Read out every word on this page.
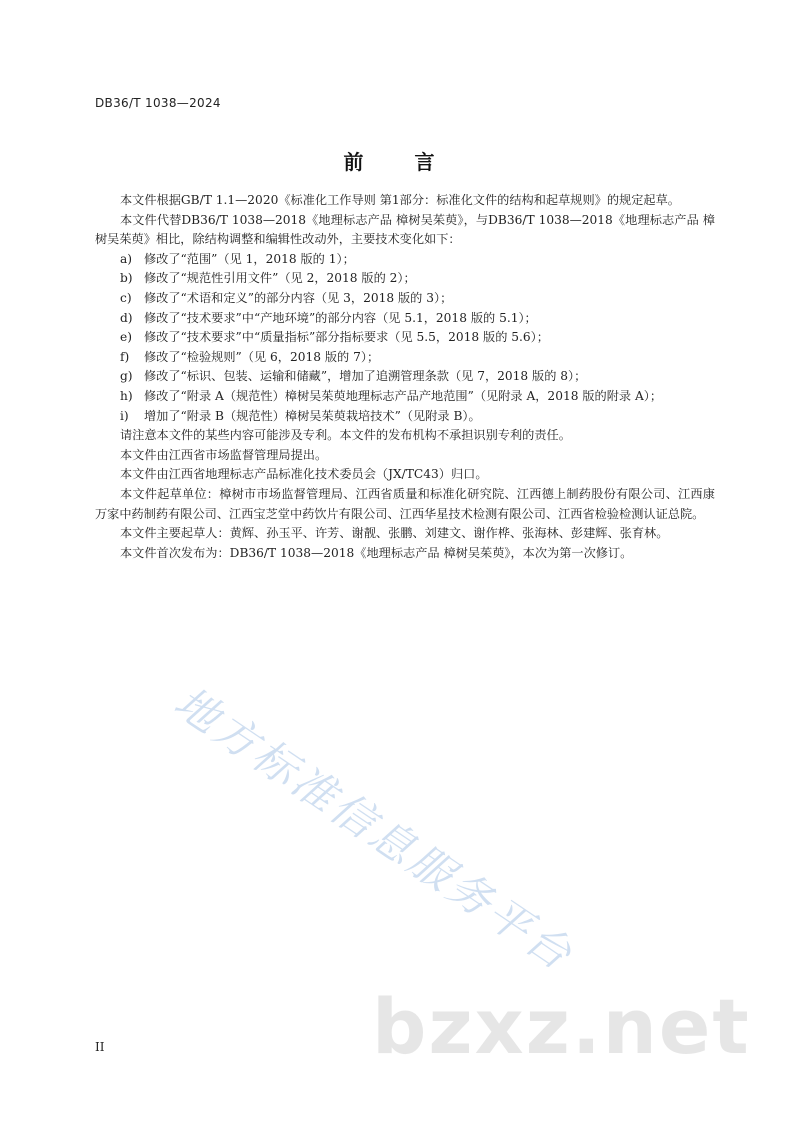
DB36/T 1038—2024
前 言

本文件根据GB/T 1.1—2020《标准化工作导则 第1部分：标准化文件的结构和起草规则》的规定起草。

本文件代替DB36/T 1038—2018《地理标志产品 樟树吴茱萸》，与DB36/T 1038—2018《地理标志产品 樟树吴茱萸》相比，除结构调整和编辑性改动外，主要技术变化如下：

a) 修改了“范围”（见 1，2018 版的 1）；

b) 修改了“规范性引用文件”（见 2，2018 版的 2）；

c) 修改了“术语和定义”的部分内容（见 3，2018 版的 3）；

d) 修改了“技术要求”中“产地环境”的部分内容（见 5.1，2018 版的 5.1）；

e) 修改了“技术要求”中“质量指标”部分指标要求（见 5.5，2018 版的 5.6）；

f) 修改了“检验规则”（见 6，2018 版的 7）；

g) 修改了“标识、包装、运输和储藏”，增加了追溯管理条款（见 7，2018 版的 8）；

h) 修改了“附录 A（规范性）樟树吴茱萸地理标志产品产地范围”（见附录 A，2018 版的附录 A）；

i) 增加了“附录 B（规范性）樟树吴茱萸栽培技术”（见附录 B）。

请注意本文件的某些内容可能涉及专利。本文件的发布机构不承担识别专利的责任。

本文件由江西省市场监督管理局提出。

本文件由江西省地理标志产品标准化技术委员会（JX/TC43）归口。

本文件起草单位：樟树市市场监督管理局、江西省质量和标准化研究院、江西德上制药股份有限公司、江西康万家中药制药有限公司、江西宝芝堂中药饮片有限公司、江西华星技术检测有限公司、江西省检验检测认证总院。

本文件主要起草人：黄辉、孙玉平、许芳、谢靓、张鹏、刘建文、谢作桦、张海林、彭建辉、张育林。

本文件首次发布为：DB36/T 1038—2018《地理标志产品 樟树吴茱萸》，本次为第一次修订。

地方标准信息服务平台
bzxz.net
II
